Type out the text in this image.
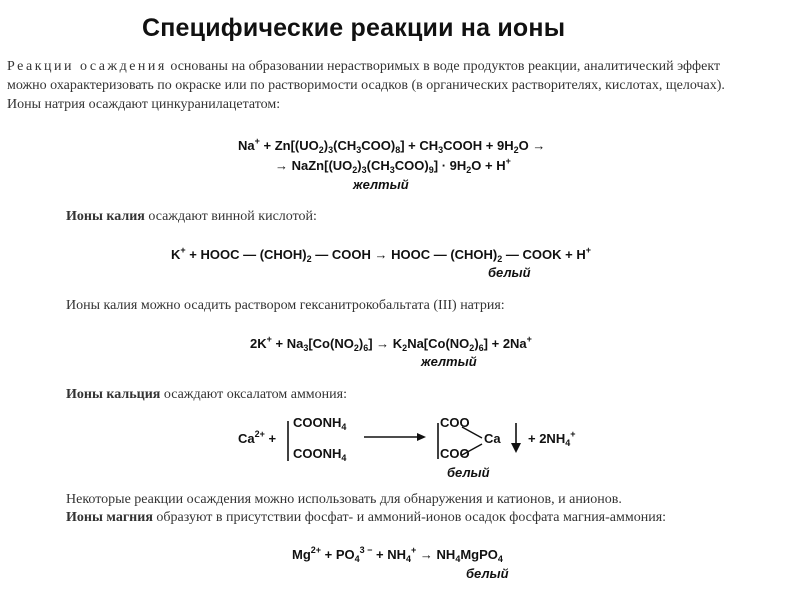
Специфические реакции на ионы
Реакции осаждения основаны на образовании нерастворимых в воде продуктов реакции, аналитический эффект
можно охарактеризовать по окраске или по растворимости осадков (в органических растворителях, кислотах, щелочах).
Ионы натрия осаждают цинкуранилацетатом:
$Na^+ + Zn[(UO_2)_3(CH_3COO)_8]$ + $CH_3COOH + 9H_2O$ →
→ $NaZn[(UO_2)_3(CH_3COO)_9] \cdot 9H_2O + H^+$
желтый
Ионы калия осаждают винной кислотой:
K+ + HOOC — $(CHOH)_2$ — COOH → HOOC — $(CHOH)_2$ — COOK + H+
белый
Ионы калия можно осадить раствором гексанитрокобальтата (III) натрия:
$2K^+ + Na_3[Co(NO_2)_6] \to K_2Na[Co(NO_2)_6] + 2Na^+$
желтый
Ионы кальция осаждают оксалатом аммония:
$Ca^{2+}$ +
$COONH_4$
$COONH_4$
COO
COO
$Ca + 2NH_4^+$
белый
Некоторые реакции осаждения можно использовать для обнаружения и катионов, и анионов.
Ионы магния образуют в присутствии фосфат- и аммоний-ионов осадок фосфата магния-аммония:
$Mg^{2+} + PO_4^{3 -} + NH_4^+$ → $NH_4MgPO_4$
белый
